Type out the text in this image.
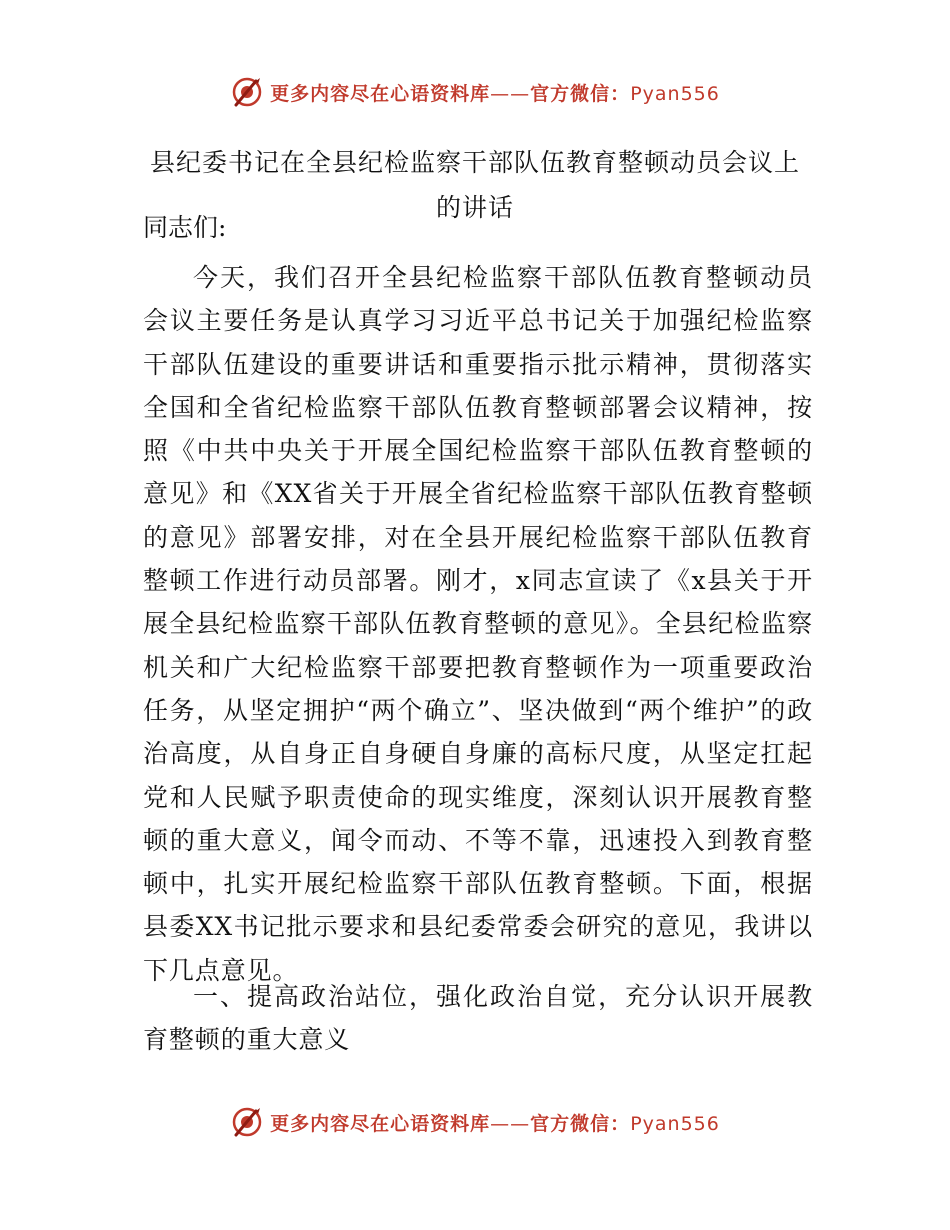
更多内容尽在心语资料库——官方微信：Pyan556
县纪委书记在全县纪检监察干部队伍教育整顿动员会议上的讲话
同志们:

今天，我们召开全县纪检监察干部队伍教育整顿动员会议主要任务是认真学习习近平总书记关于加强纪检监察干部队伍建设的重要讲话和重要指示批示精神，贯彻落实全国和全省纪检监察干部队伍教育整顿部署会议精神，按照《中共中央关于开展全国纪检监察干部队伍教育整顿的意见》和《XX省关于开展全省纪检监察干部队伍教育整顿的意见》部署安排，对在全县开展纪检监察干部队伍教育整顿工作进行动员部署。刚才，x同志宣读了《x县关于开展全县纪检监察干部队伍教育整顿的意见》。全县纪检监察机关和广大纪检监察干部要把教育整顿作为一项重要政治任务，从坚定拥护“两个确立”、坚决做到“两个维护”的政治高度，从自身正自身硬自身廉的高标尺度，从坚定扛起党和人民赋予职责使命的现实维度，深刻认识开展教育整顿的重大意义，闻令而动、不等不靠，迅速投入到教育整顿中，扎实开展纪检监察干部队伍教育整顿。下面，根据县委XX书记批示要求和县纪委常委会研究的意见，我讲以下几点意见。

一、提高政治站位，强化政治自觉，充分认识开展教育整顿的重大意义

更多内容尽在心语资料库——官方微信：Pyan556
